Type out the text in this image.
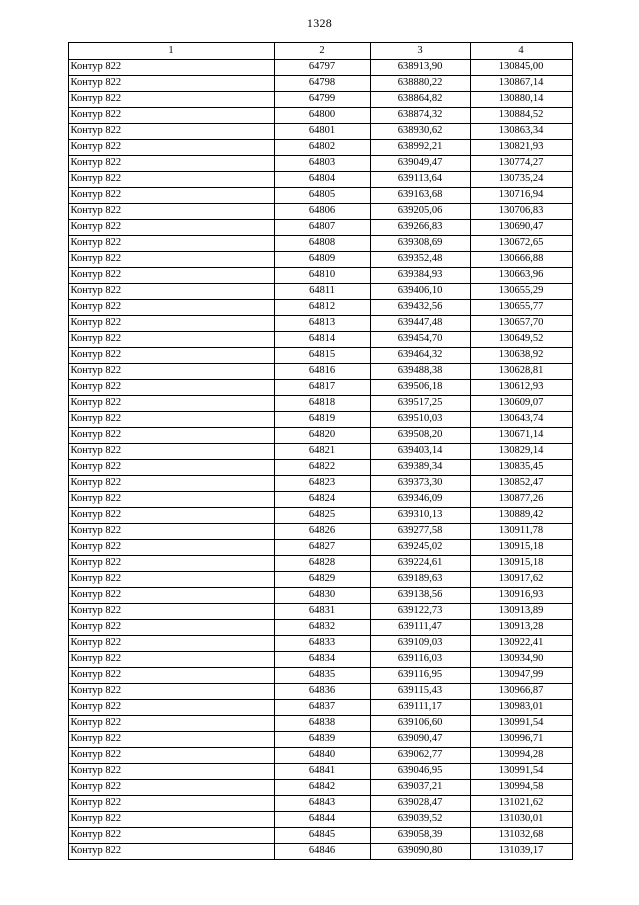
1328
1	2	3	4
Контур 822	64797	638913,90	130845,00
Контур 822	64798	638880,22	130867,14
Контур 822	64799	638864,82	130880,14
Контур 822	64800	638874,32	130884,52
Контур 822	64801	638930,62	130863,34
Контур 822	64802	638992,21	130821,93
Контур 822	64803	639049,47	130774,27
Контур 822	64804	639113,64	130735,24
Контур 822	64805	639163,68	130716,94
Контур 822	64806	639205,06	130706,83
Контур 822	64807	639266,83	130690,47
Контур 822	64808	639308,69	130672,65
Контур 822	64809	639352,48	130666,88
Контур 822	64810	639384,93	130663,96
Контур 822	64811	639406,10	130655,29
Контур 822	64812	639432,56	130655,77
Контур 822	64813	639447,48	130657,70
Контур 822	64814	639454,70	130649,52
Контур 822	64815	639464,32	130638,92
Контур 822	64816	639488,38	130628,81
Контур 822	64817	639506,18	130612,93
Контур 822	64818	639517,25	130609,07
Контур 822	64819	639510,03	130643,74
Контур 822	64820	639508,20	130671,14
Контур 822	64821	639403,14	130829,14
Контур 822	64822	639389,34	130835,45
Контур 822	64823	639373,30	130852,47
Контур 822	64824	639346,09	130877,26
Контур 822	64825	639310,13	130889,42
Контур 822	64826	639277,58	130911,78
Контур 822	64827	639245,02	130915,18
Контур 822	64828	639224,61	130915,18
Контур 822	64829	639189,63	130917,62
Контур 822	64830	639138,56	130916,93
Контур 822	64831	639122,73	130913,89
Контур 822	64832	639111,47	130913,28
Контур 822	64833	639109,03	130922,41
Контур 822	64834	639116,03	130934,90
Контур 822	64835	639116,95	130947,99
Контур 822	64836	639115,43	130966,87
Контур 822	64837	639111,17	130983,01
Контур 822	64838	639106,60	130991,54
Контур 822	64839	639090,47	130996,71
Контур 822	64840	639062,77	130994,28
Контур 822	64841	639046,95	130991,54
Контур 822	64842	639037,21	130994,58
Контур 822	64843	639028,47	131021,62
Контур 822	64844	639039,52	131030,01
Контур 822	64845	639058,39	131032,68
Контур 822	64846	639090,80	131039,17
